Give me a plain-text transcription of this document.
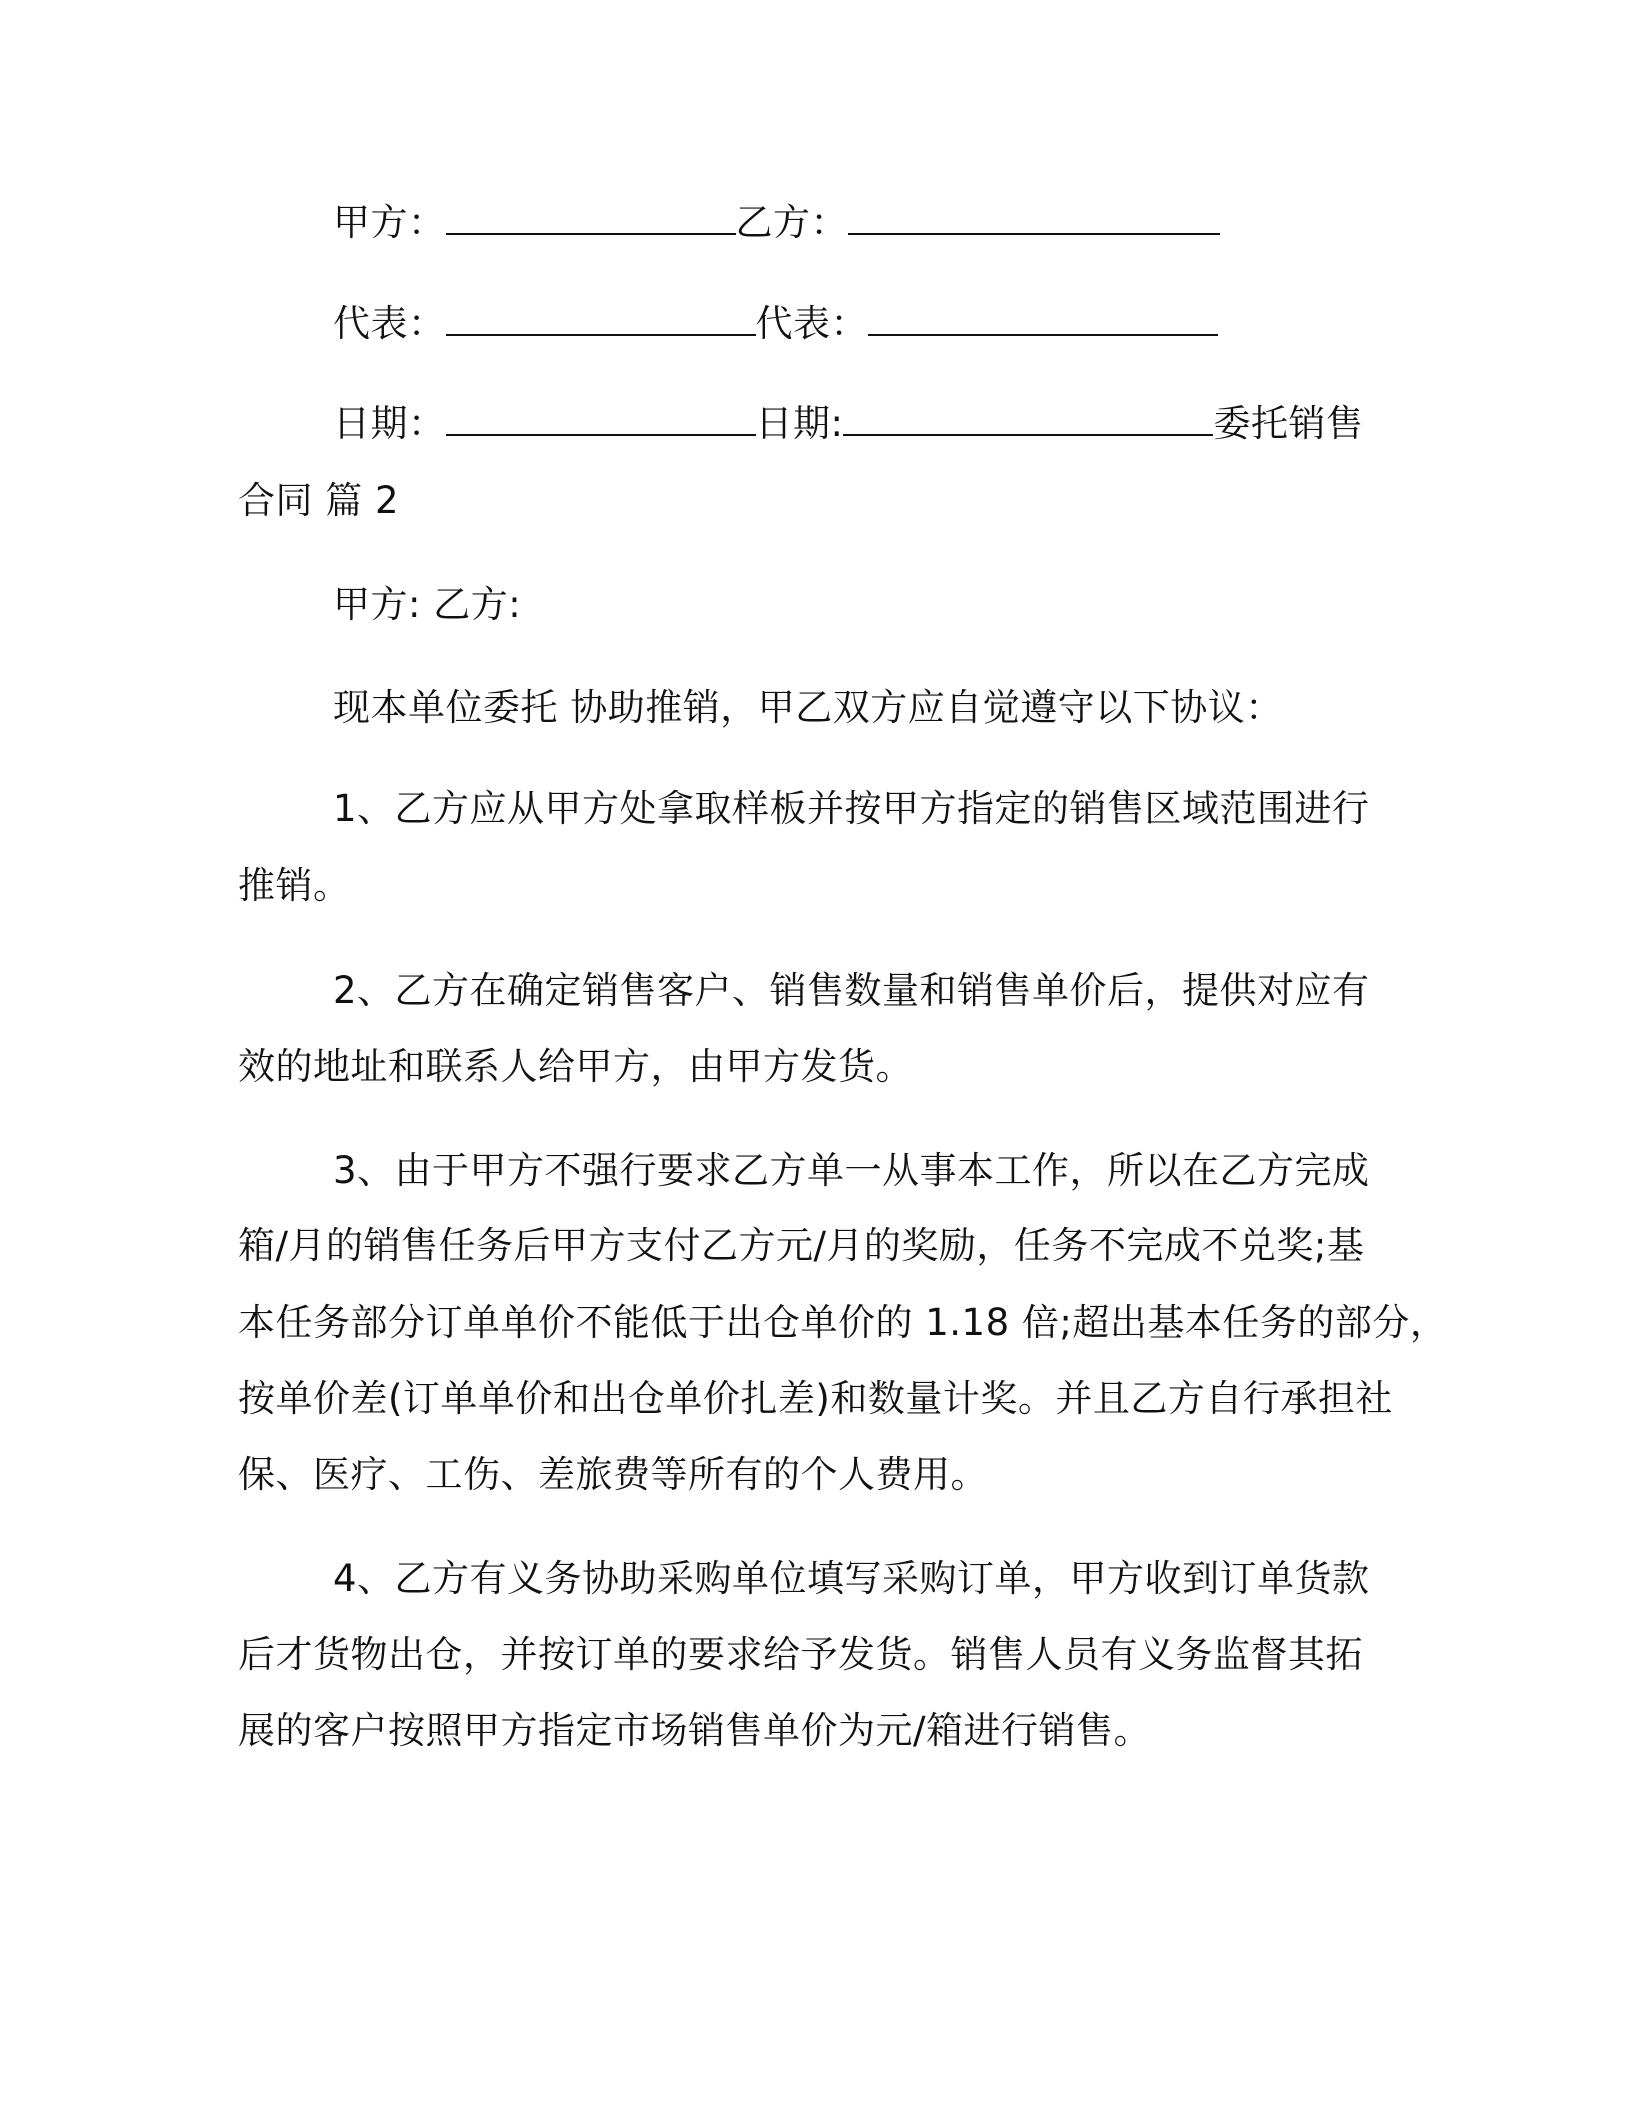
甲方：	乙方：
代表：	代表：
日期：	日期:	委托销售
合同 篇 2
甲方: 乙方:
现本单位委托 协助推销，甲乙双方应自觉遵守以下协议：
1、乙方应从甲方处拿取样板并按甲方指定的销售区域范围进行
推销。
2、乙方在确定销售客户、销售数量和销售单价后，提供对应有
效的地址和联系人给甲方，由甲方发货。
3、由于甲方不强行要求乙方单一从事本工作，所以在乙方完成
箱/月的销售任务后甲方支付乙方元/月的奖励，任务不完成不兑奖;基
本任务部分订单单价不能低于出仓单价的 1.18 倍;超出基本任务的部分，
按单价差(订单单价和出仓单价扎差)和数量计奖。并且乙方自行承担社
保、医疗、工伤、差旅费等所有的个人费用。
4、乙方有义务协助采购单位填写采购订单，甲方收到订单货款
后才货物出仓，并按订单的要求给予发货。销售人员有义务监督其拓
展的客户按照甲方指定市场销售单价为元/箱进行销售。
